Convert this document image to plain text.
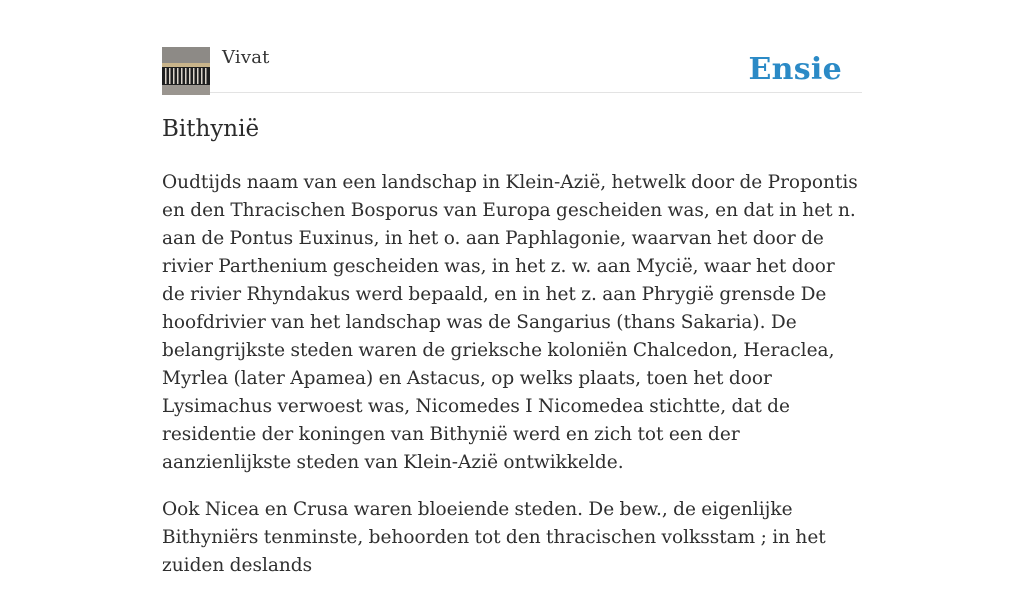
Vivat	Ensie
Bithynië

Oudtijds naam van een landschap in Klein-Azië, hetwelk door de Propontis en den Thracischen Bosporus van Europa gescheiden was, en dat in het n. aan de Pontus Euxinus, in het o. aan Paphlagonie, waarvan het door de rivier Parthenium gescheiden was, in het z. w. aan Mycië, waar het door de rivier Rhyndakus werd bepaald, en in het z. aan Phrygië grensde De hoofdrivier van het landschap was de Sangarius (thans Sakaria). De belangrijkste steden waren de grieksche koloniën Chalcedon, Heraclea, Myrlea (later Apamea) en Astacus, op welks plaats, toen het door Lysimachus verwoest was, Nicomedes I Nicomedea stichtte, dat de residentie der koningen van Bithynië werd en zich tot een der aanzienlijkste steden van Klein-Azië ontwikkelde.

Ook Nicea en Crusa waren bloeiende steden. De bew., de eigenlijke Bithyniërs tenminste, behoorden tot den thracischen volksstam ; in het zuiden deslands
